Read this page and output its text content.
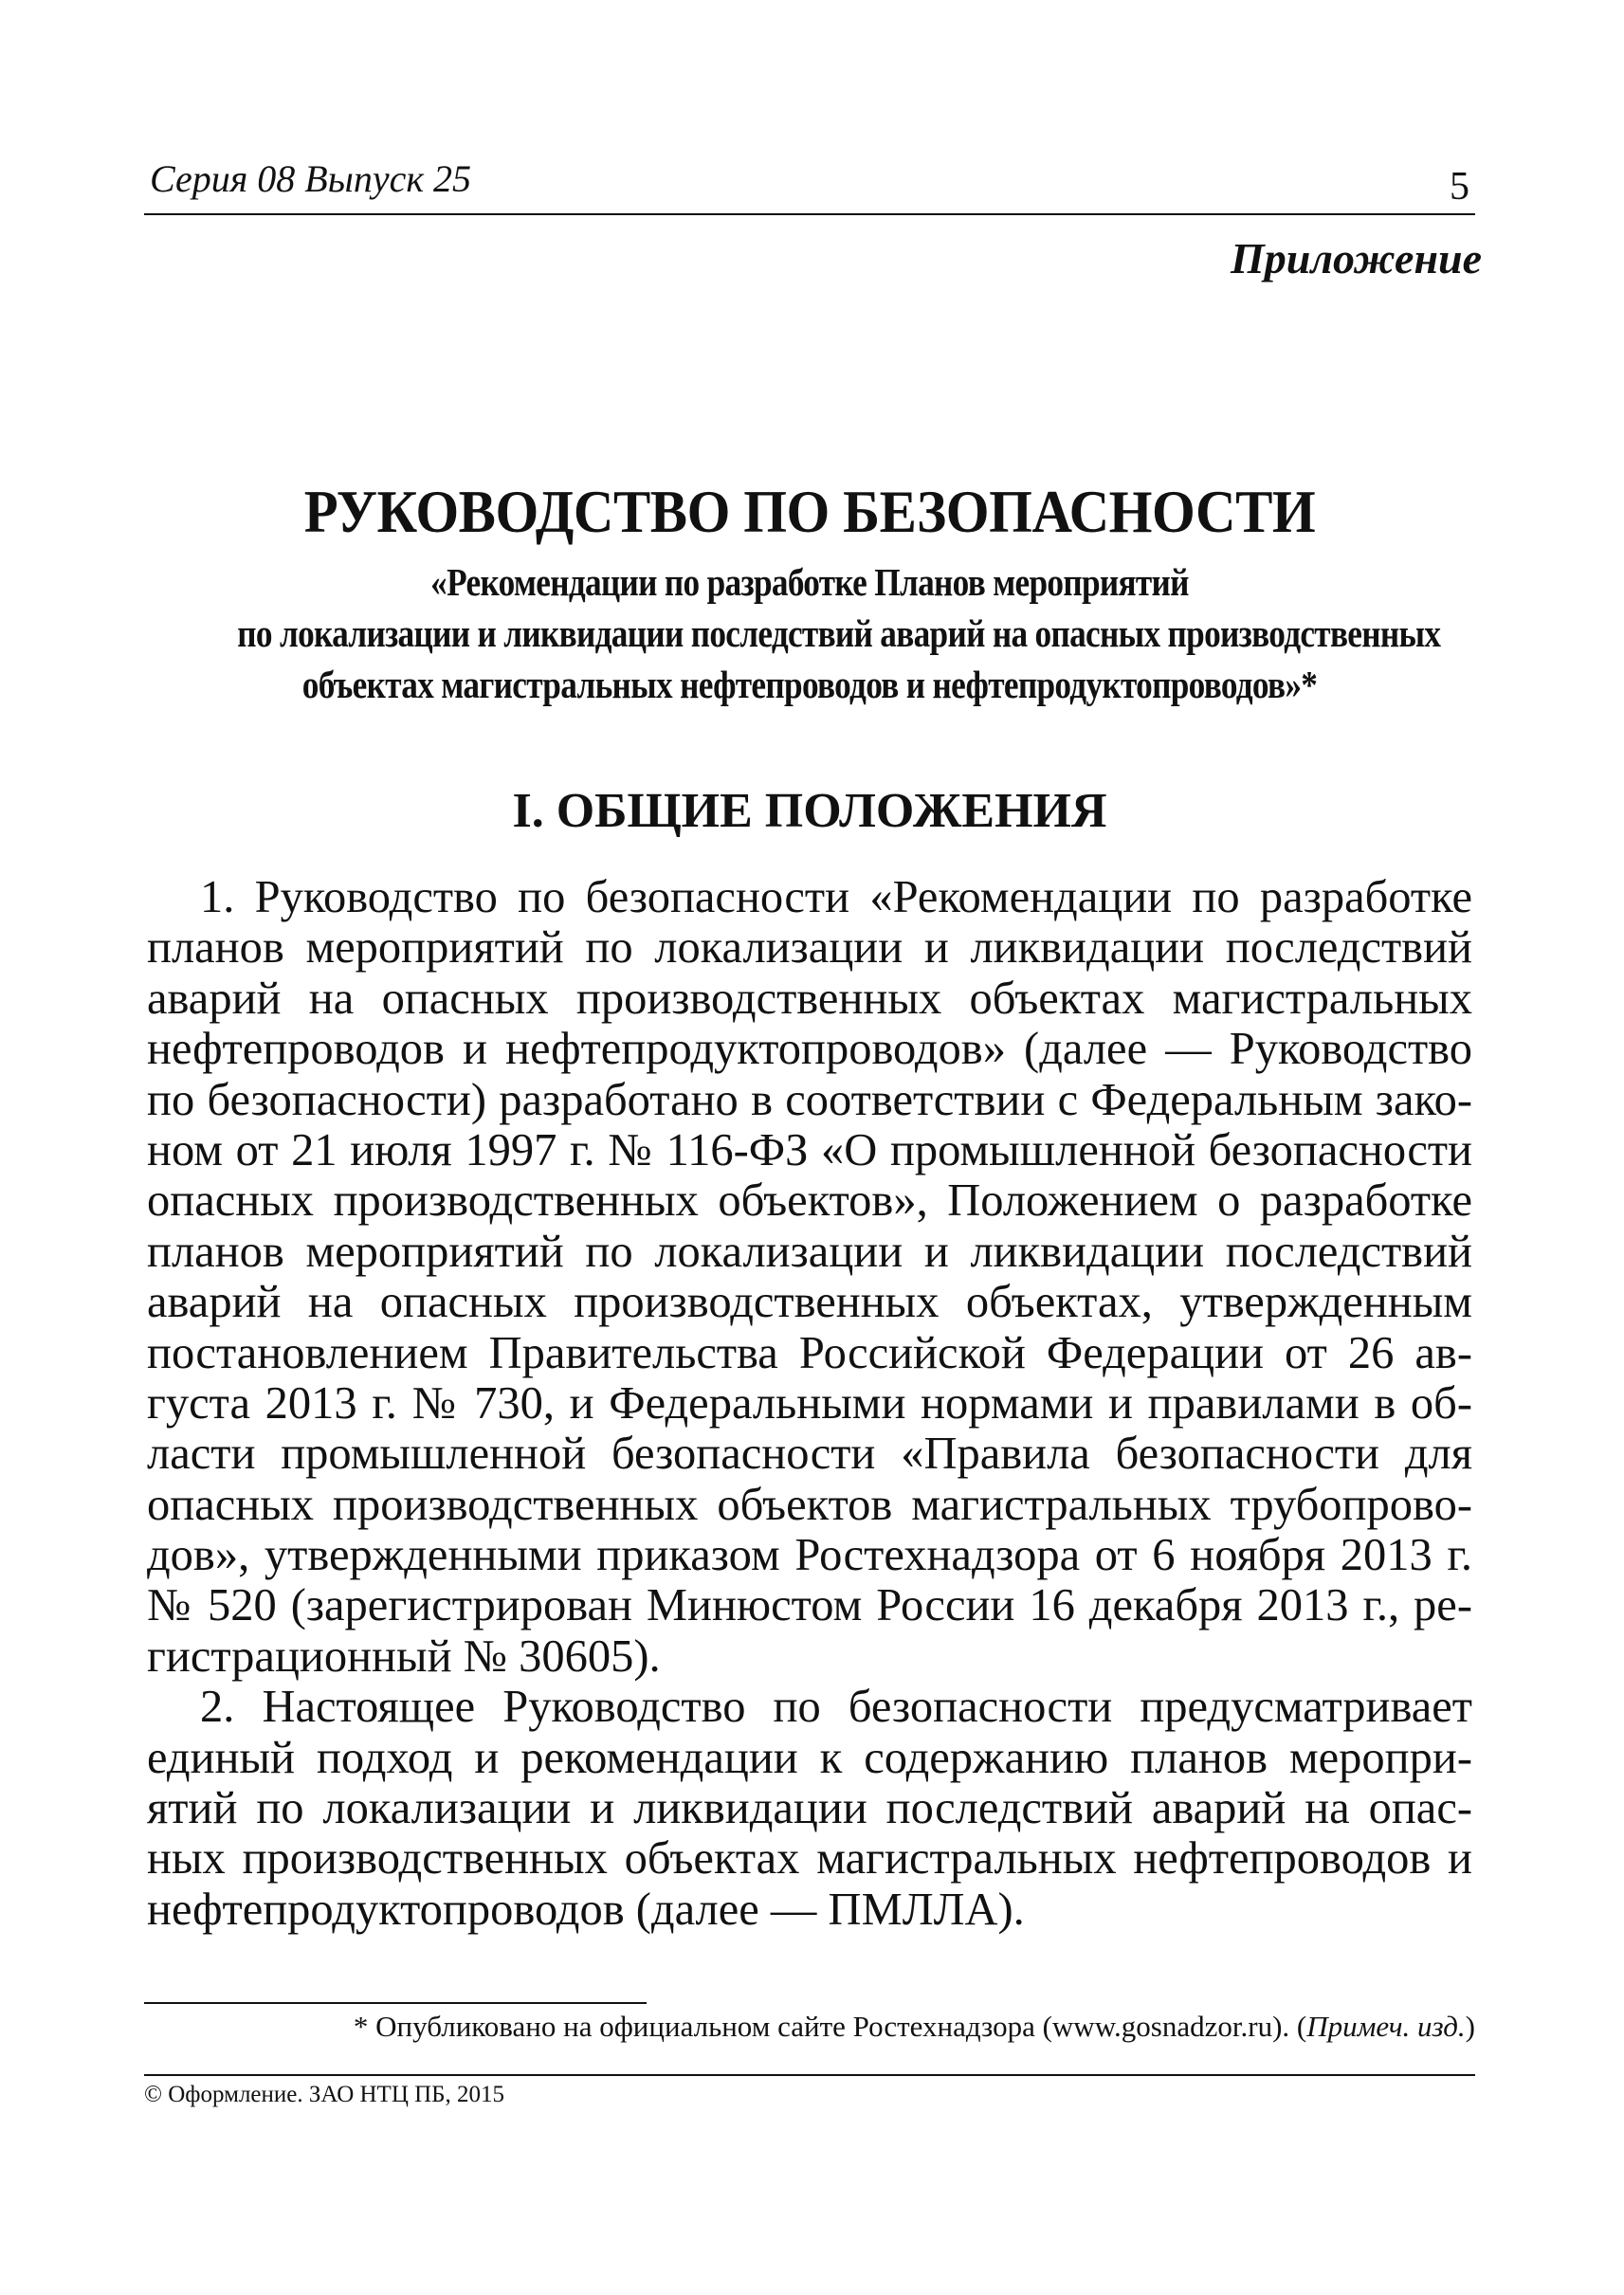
Серия 08 Выпуск 25	5
Приложение
РУКОВОДСТВО ПО БЕЗОПАСНОСТИ
«Рекомендации по разработке Планов мероприятий
по локализации и ликвидации последствий аварий на опасных производственных
объектах магистральных нефтепроводов и нефтепродуктопроводов»*
I. ОБЩИЕ ПОЛОЖЕНИЯ
1. Руководство по безопасности «Рекомендации по разработке
планов мероприятий по локализации и ликвидации последствий
аварий на опасных производственных объектах магистральных
нефтепроводов и нефтепродуктопроводов» (далее — Руководство
по безопасности) разработано в соответствии с Федеральным зако-
ном от 21 июля 1997 г. № 116-ФЗ «О промышленной безопасности
опасных производственных объектов», Положением о разработке
планов мероприятий по локализации и ликвидации последствий
аварий на опасных производственных объектах, утвержденным
постановлением Правительства Российской Федерации от 26 ав-
густа 2013 г. № 730, и Федеральными нормами и правилами в об-
ласти промышленной безопасности «Правила безопасности для
опасных производственных объектов магистральных трубопрово-
дов», утвержденными приказом Ростехнадзора от 6 ноября 2013 г.
№ 520 (зарегистрирован Минюстом России 16 декабря 2013 г., ре-
гистрационный № 30605).
2. Настоящее Руководство по безопасности предусматривает
единый подход и рекомендации к содержанию планов меропри-
ятий по локализации и ликвидации последствий аварий на опас-
ных производственных объектах магистральных нефтепроводов и
нефтепродуктопроводов (далее — ПМЛЛА).
* Опубликовано на официальном сайте Ростехнадзора (www.gosnadzor.ru). (Примеч. изд.)
© Оформление. ЗАО НТЦ ПБ, 2015
